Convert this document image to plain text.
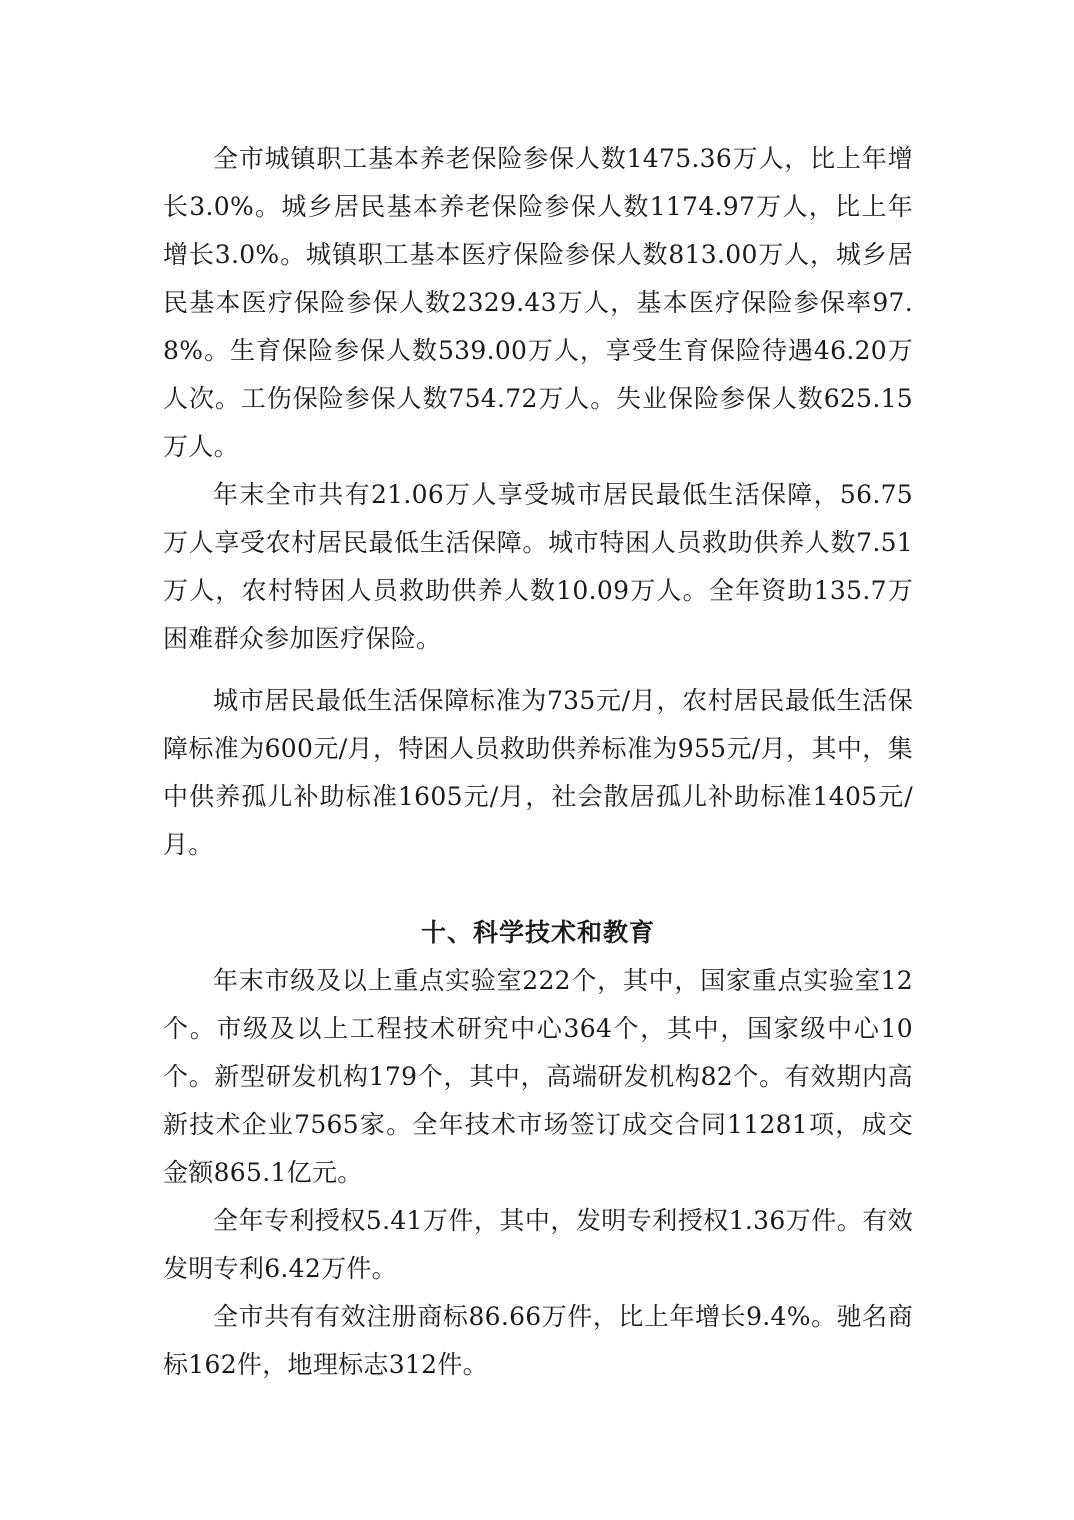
全市城镇职工基本养老保险参保人数1475.36万人，比上年增长3.0%。城乡居民基本养老保险参保人数1174.97万人，比上年增长3.0%。城镇职工基本医疗保险参保人数813.00万人，城乡居民基本医疗保险参保人数2329.43万人，基本医疗保险参保率97.8%。生育保险参保人数539.00万人，享受生育保险待遇46.20万人次。工伤保险参保人数754.72万人。失业保险参保人数625.15万人。

年末全市共有21.06万人享受城市居民最低生活保障，56.75万人享受农村居民最低生活保障。城市特困人员救助供养人数7.51万人，农村特困人员救助供养人数10.09万人。全年资助135.7万困难群众参加医疗保险。

城市居民最低生活保障标准为735元/月，农村居民最低生活保障标准为600元/月，特困人员救助供养标准为955元/月，其中，集中供养孤儿补助标准1605元/月，社会散居孤儿补助标准1405元/月。

十、科学技术和教育

年末市级及以上重点实验室222个，其中，国家重点实验室12个。市级及以上工程技术研究中心364个，其中，国家级中心10个。新型研发机构179个，其中，高端研发机构82个。有效期内高新技术企业7565家。全年技术市场签订成交合同11281项，成交金额865.1亿元。

全年专利授权5.41万件，其中，发明专利授权1.36万件。有效发明专利6.42万件。

全市共有有效注册商标86.66万件，比上年增长9.4%。驰名商标162件，地理标志312件。
